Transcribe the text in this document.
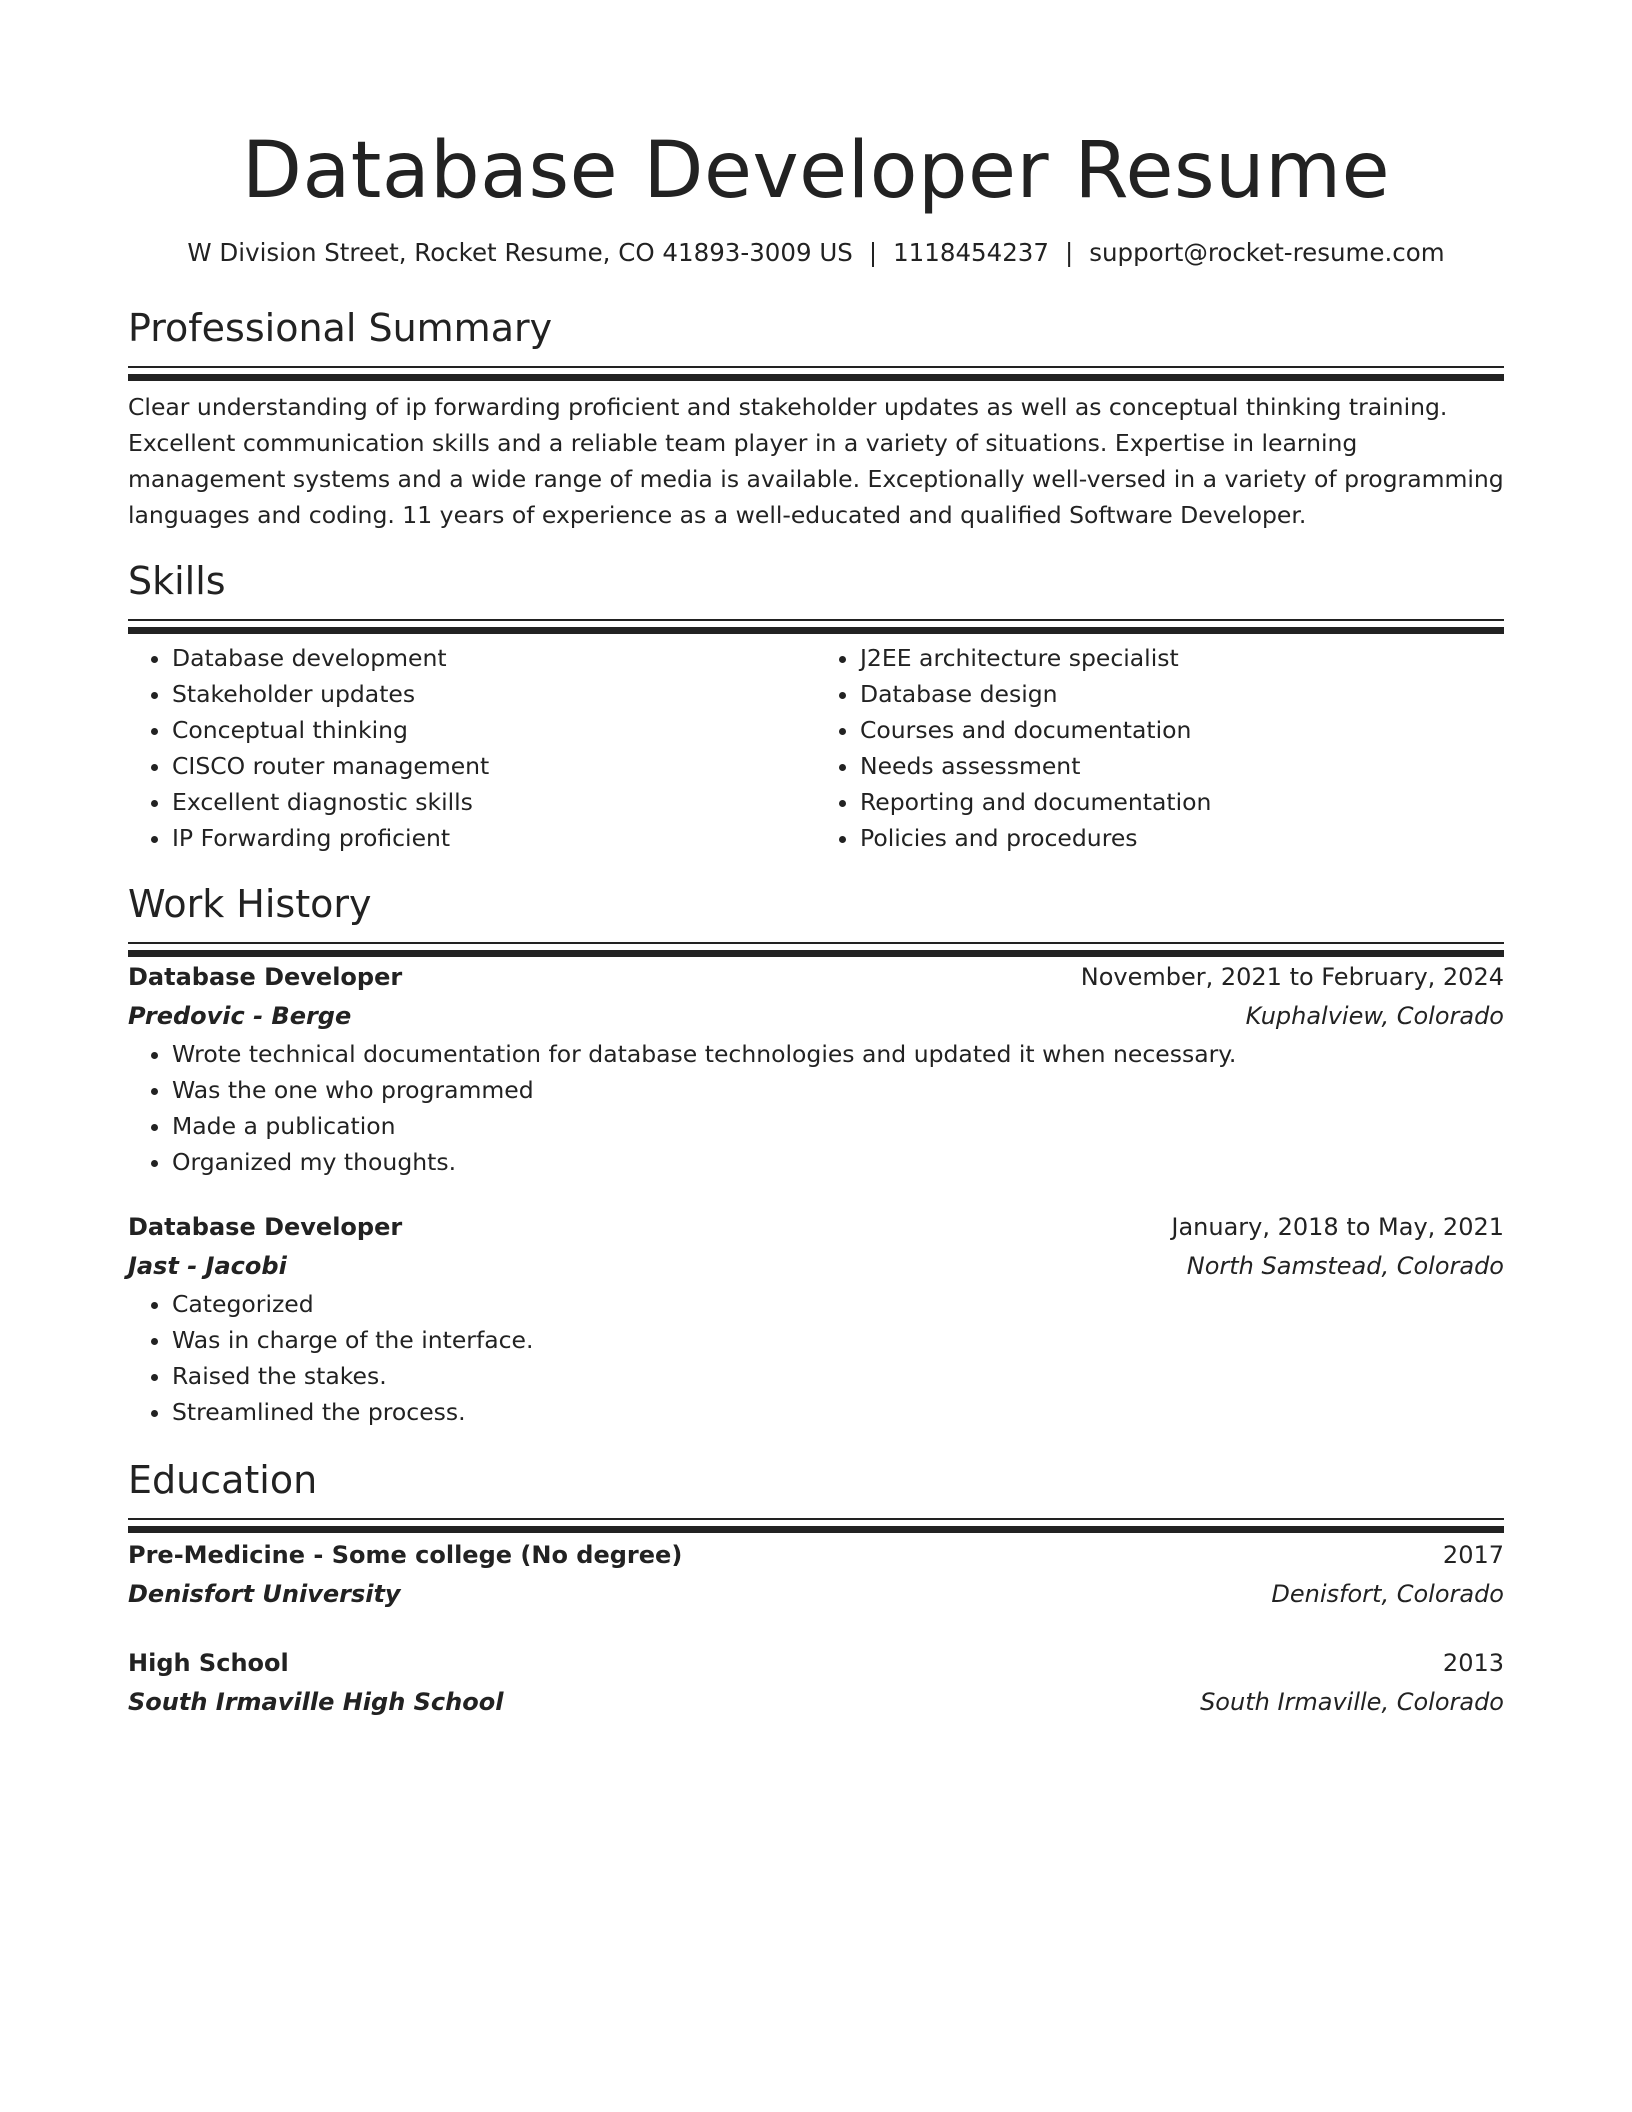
Database Developer Resume
W Division Street, Rocket Resume, CO 41893-3009 US | 1118454237 | support@rocket-resume.com
Professional Summary
Clear understanding of ip forwarding proficient and stakeholder updates as well as conceptual thinking training. Excellent communication skills and a reliable team player in a variety of situations. Expertise in learning management systems and a wide range of media is available. Exceptionally well-versed in a variety of programming languages and coding. 11 years of experience as a well-educated and qualified Software Developer.
Skills
• Database development
• Stakeholder updates
• Conceptual thinking
• CISCO router management
• Excellent diagnostic skills
• IP Forwarding proficient
• J2EE architecture specialist
• Database design
• Courses and documentation
• Needs assessment
• Reporting and documentation
• Policies and procedures
Work History
Database Developer	November, 2021 to February, 2024
Predovic - Berge	Kuphalview, Colorado
• Wrote technical documentation for database technologies and updated it when necessary.
• Was the one who programmed
• Made a publication
• Organized my thoughts.
Database Developer	January, 2018 to May, 2021
Jast - Jacobi	North Samstead, Colorado
• Categorized
• Was in charge of the interface.
• Raised the stakes.
• Streamlined the process.
Education
Pre-Medicine - Some college (No degree)	2017
Denisfort University	Denisfort, Colorado
High School	2013
South Irmaville High School	South Irmaville, Colorado
